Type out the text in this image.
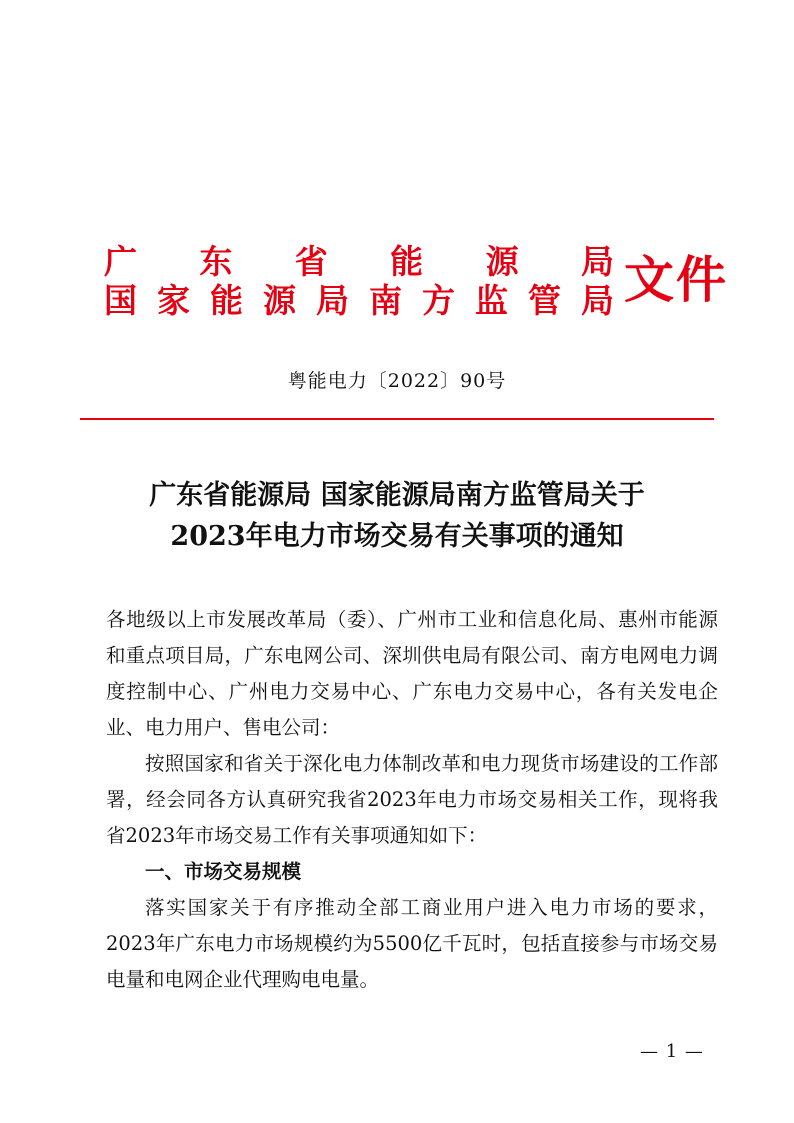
广 东 省 能 源 局
国 家 能 源 局 南 方 监 管 局 文件
粤能电力〔2022〕90号
广东省能源局 国家能源局南方监管局关于
2023年电力市场交易有关事项的通知

各地级以上市发展改革局（委）、广州市工业和信息化局、惠州市能源和重点项目局，广东电网公司、深圳供电局有限公司、南方电网电力调度控制中心、广州电力交易中心、广东电力交易中心，各有关发电企业、电力用户、售电公司：

按照国家和省关于深化电力体制改革和电力现货市场建设的工作部署，经会同各方认真研究我省2023年电力市场交易相关工作，现将我省2023年市场交易工作有关事项通知如下：

一、市场交易规模

落实国家关于有序推动全部工商业用户进入电力市场的要求，2023年广东电力市场规模约为5500亿千瓦时，包括直接参与市场交易电量和电网企业代理购电电量。

— 1 —
